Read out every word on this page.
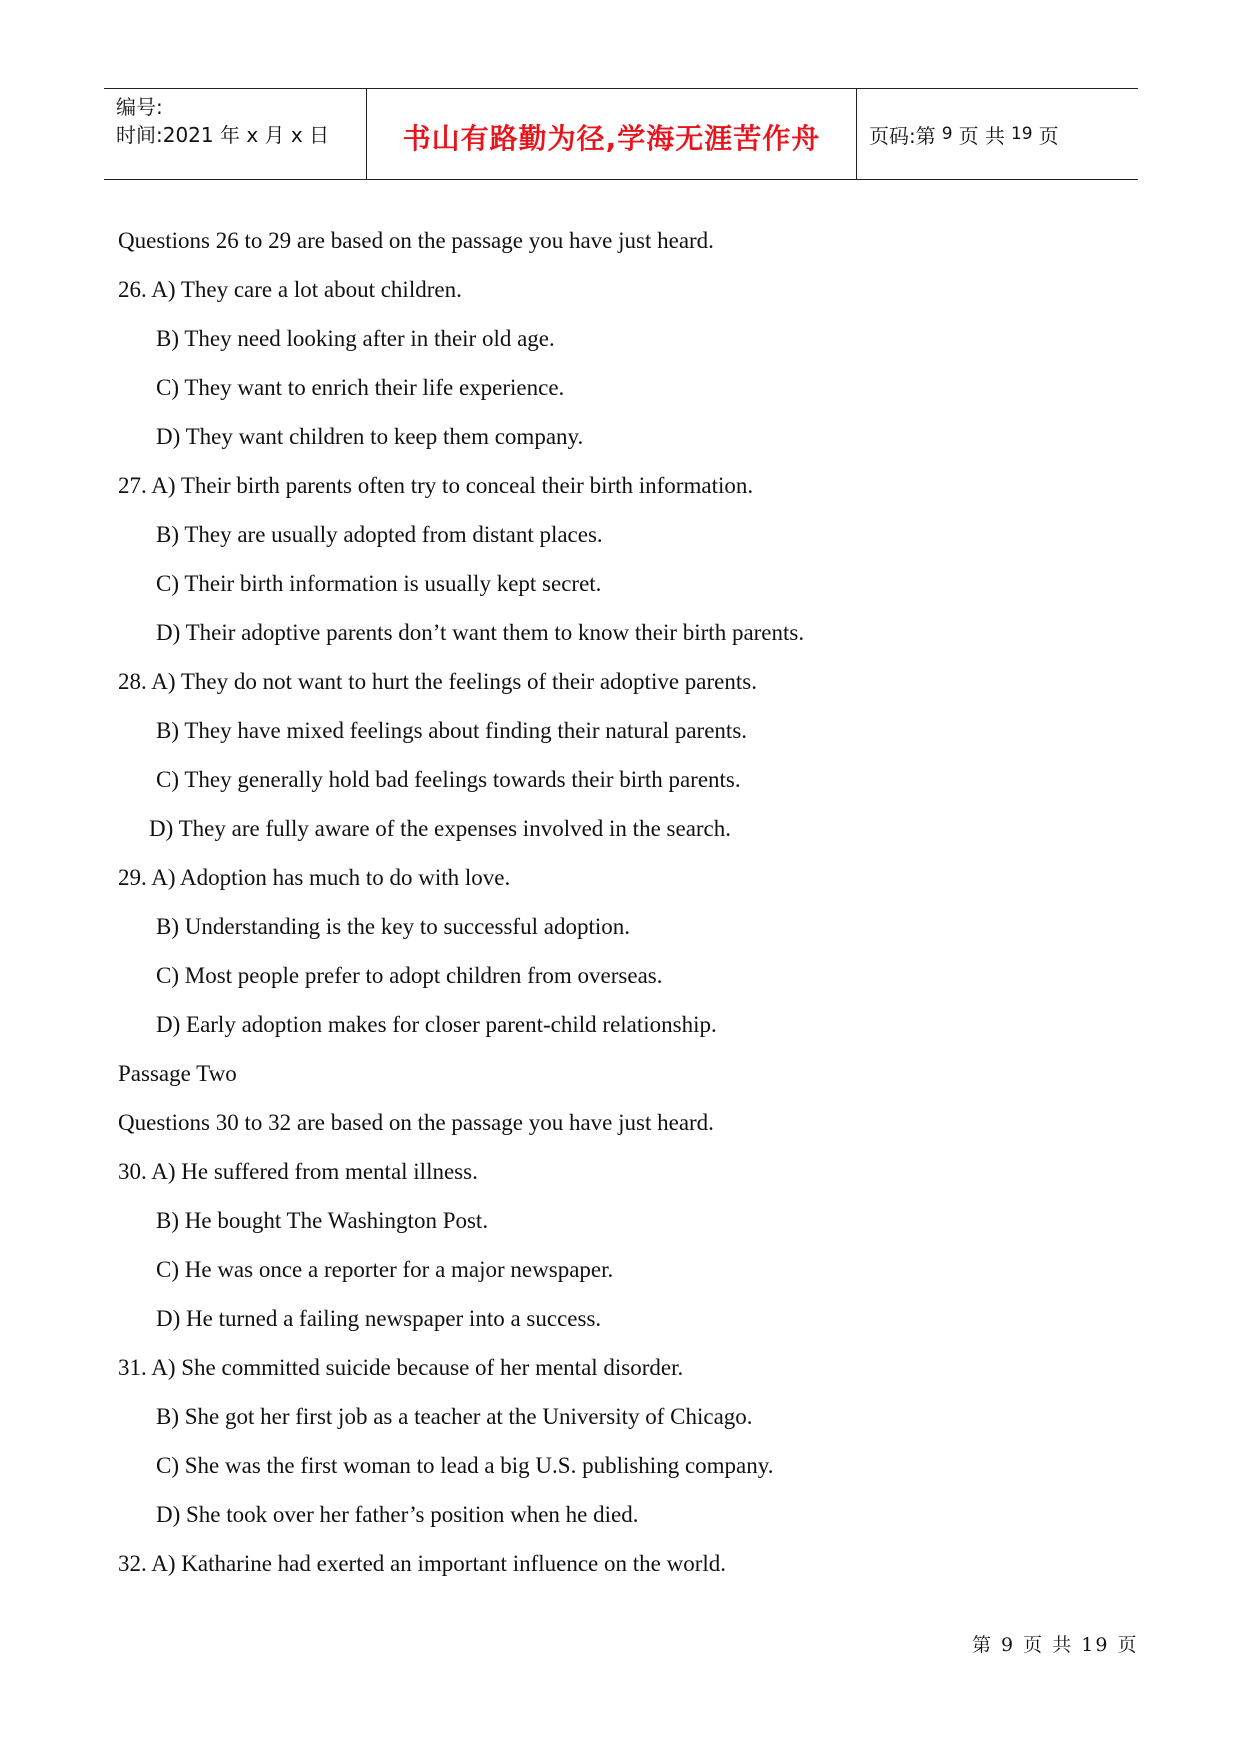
编号:
时间:2021 年 x 月 x 日	书山有路勤为径,学海无涯苦作舟 页码:第 9 页 共 19 页
Questions 26 to 29 are based on the passage you have just heard.
26. A) They care a lot about children.
B) They need looking after in their old age.
C) They want to enrich their life experience.
D) They want children to keep them company.
27. A) Their birth parents often try to conceal their birth information.
B) They are usually adopted from distant places.
C) Their birth information is usually kept secret.
D) Their adoptive parents don’t want them to know their birth parents.
28. A) They do not want to hurt the feelings of their adoptive parents.
B) They have mixed feelings about finding their natural parents.
C) They generally hold bad feelings towards their birth parents.
D) They are fully aware of the expenses involved in the search.
29. A) Adoption has much to do with love.
B) Understanding is the key to successful adoption.
C) Most people prefer to adopt children from overseas.
D) Early adoption makes for closer parent-child relationship.
Passage Two
Questions 30 to 32 are based on the passage you have just heard.
30. A) He suffered from mental illness.
B) He bought The Washington Post.
C) He was once a reporter for a major newspaper.
D) He turned a failing newspaper into a success.
31. A) She committed suicide because of her mental disorder.
B) She got her first job as a teacher at the University of Chicago.
C) She was the first woman to lead a big U.S. publishing company.
D) She took over her father’s position when he died.
32. A) Katharine had exerted an important influence on the world.
第 9 页 共 19 页
